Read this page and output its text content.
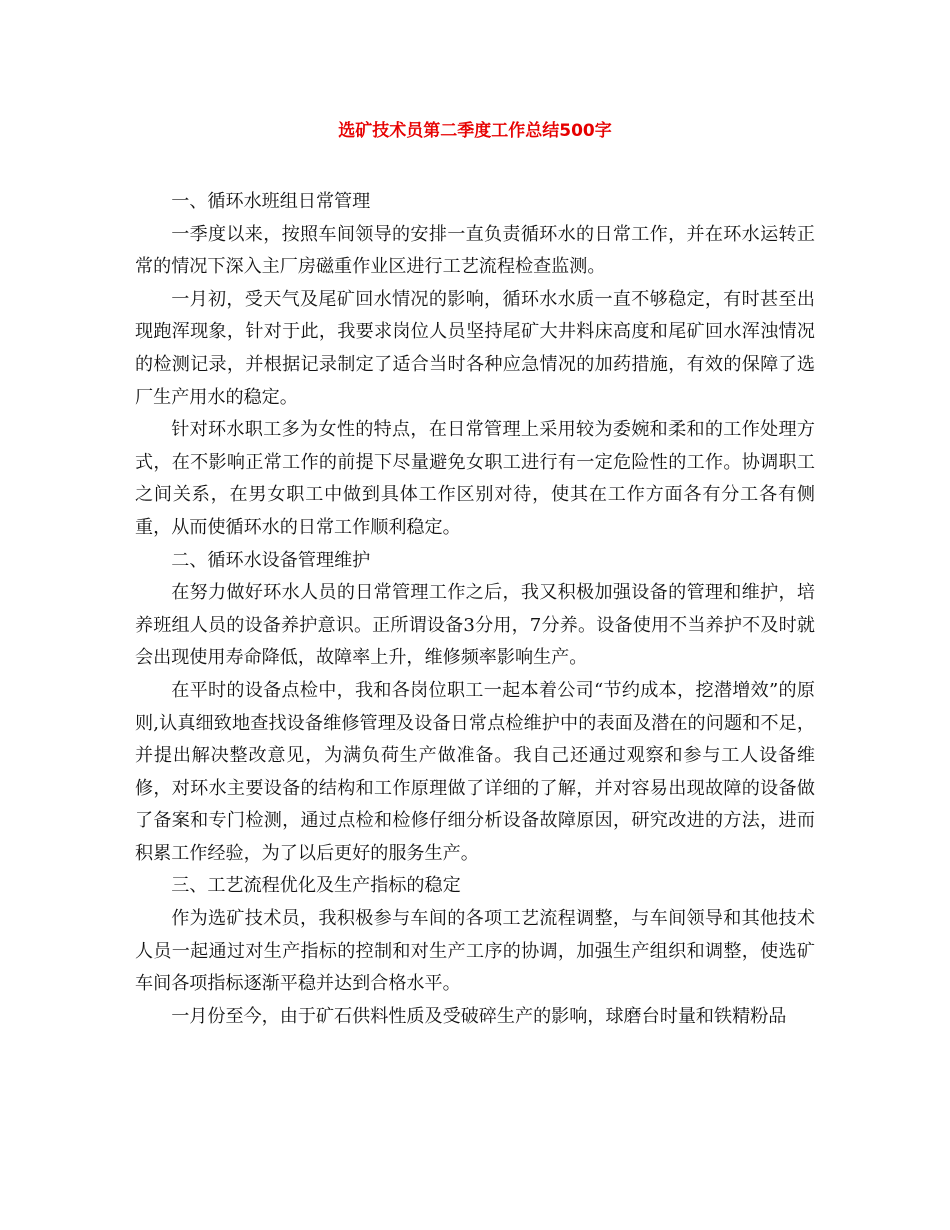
选矿技术员第二季度工作总结500字

一、循环水班组日常管理

一季度以来，按照车间领导的安排一直负责循环水的日常工作，并在环水运转正常的情况下深入主厂房磁重作业区进行工艺流程检查监测。

一月初，受天气及尾矿回水情况的影响，循环水水质一直不够稳定，有时甚至出现跑浑现象，针对于此，我要求岗位人员坚持尾矿大井料床高度和尾矿回水浑浊情况的检测记录，并根据记录制定了适合当时各种应急情况的加药措施，有效的保障了选厂生产用水的稳定。

针对环水职工多为女性的特点，在日常管理上采用较为委婉和柔和的工作处理方式，在不影响正常工作的前提下尽量避免女职工进行有一定危险性的工作。协调职工之间关系，在男女职工中做到具体工作区别对待，使其在工作方面各有分工各有侧重，从而使循环水的日常工作顺利稳定。

二、循环水设备管理维护

在努力做好环水人员的日常管理工作之后，我又积极加强设备的管理和维护，培养班组人员的设备养护意识。正所谓设备3分用，7分养。设备使用不当养护不及时就会出现使用寿命降低，故障率上升，维修频率影响生产。

在平时的设备点检中，我和各岗位职工一起本着公司“节约成本，挖潜增效”的原则,认真细致地查找设备维修管理及设备日常点检维护中的表面及潜在的问题和不足，并提出解决整改意见，为满负荷生产做准备。我自己还通过观察和参与工人设备维修，对环水主要设备的结构和工作原理做了详细的了解，并对容易出现故障的设备做了备案和专门检测，通过点检和检修仔细分析设备故障原因，研究改进的方法，进而积累工作经验，为了以后更好的服务生产。

三、工艺流程优化及生产指标的稳定

作为选矿技术员，我积极参与车间的各项工艺流程调整，与车间领导和其他技术人员一起通过对生产指标的控制和对生产工序的协调，加强生产组织和调整，使选矿车间各项指标逐渐平稳并达到合格水平。

一月份至今，由于矿石供料性质及受破碎生产的影响，球磨台时量和铁精粉品
